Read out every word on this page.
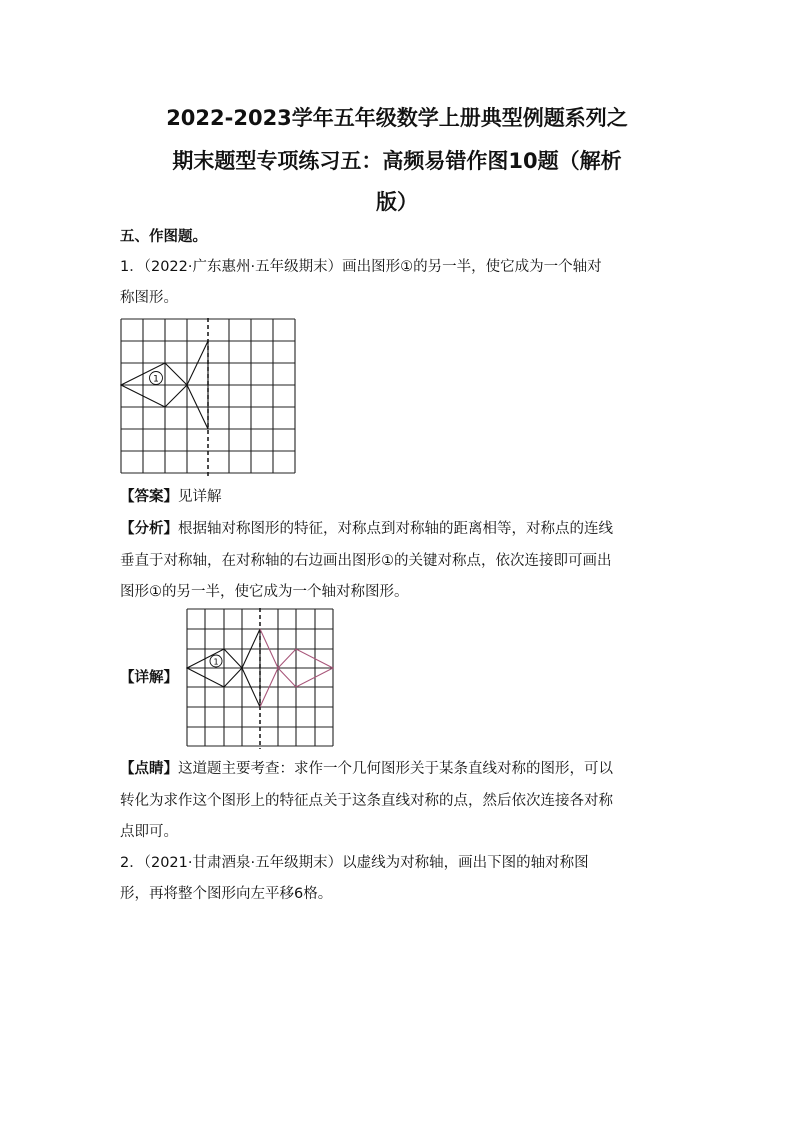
2022-2023学年五年级数学上册典型例题系列之
期末题型专项练习五：高频易错作图10题（解析
版）
五、作图题。
1．（2022·广东惠州·五年级期末）画出图形①的另一半，使它成为一个轴对
称图形。
1
【答案】见详解
【分析】根据轴对称图形的特征，对称点到对称轴的距离相等，对称点的连线
垂直于对称轴，在对称轴的右边画出图形①的关键对称点，依次连接即可画出
图形①的另一半，使它成为一个轴对称图形。
【详解】
1
【点睛】这道题主要考查：求作一个几何图形关于某条直线对称的图形，可以
转化为求作这个图形上的特征点关于这条直线对称的点，然后依次连接各对称
点即可。
2．（2021·甘肃酒泉·五年级期末）以虚线为对称轴，画出下图的轴对称图
形，再将整个图形向左平移6格。
